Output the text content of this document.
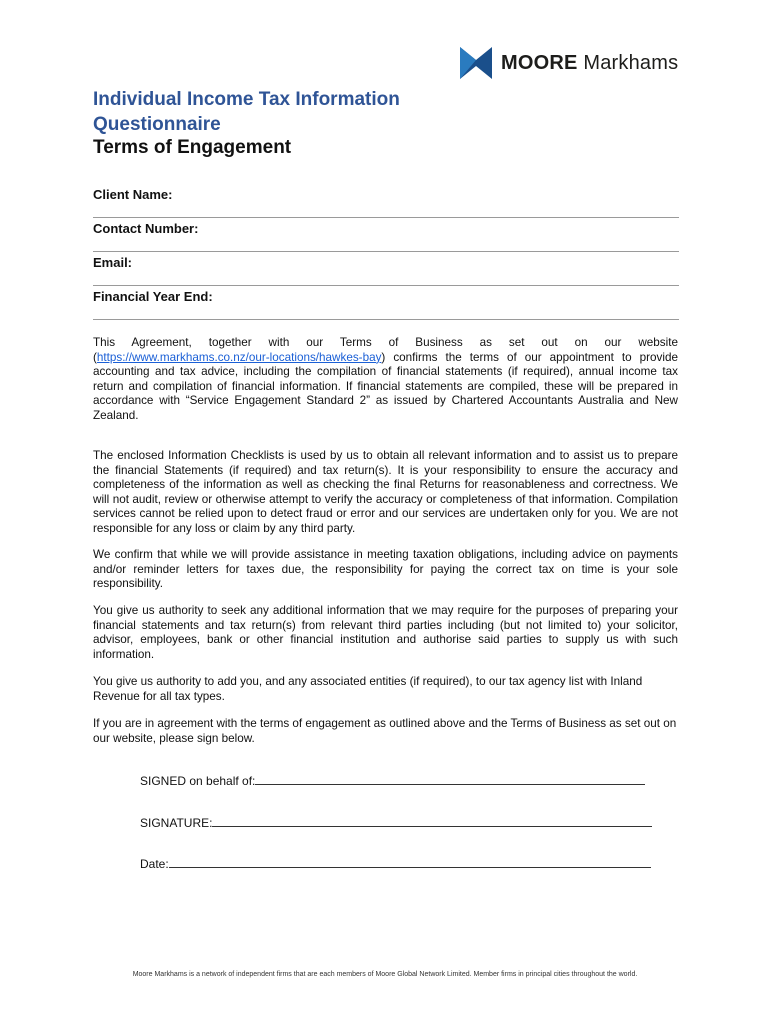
MOORE Markhams
Individual Income Tax Information Questionnaire
Terms of Engagement
Client Name:
Contact Number:
Email:
Financial Year End:

This Agreement, together with our Terms of Business as set out on our website (https://www.markhams.co.nz/our-locations/hawkes-bay) confirms the terms of our appointment to provide accounting and tax advice, including the compilation of financial statements (if required), annual income tax return and compilation of financial information. If financial statements are compiled, these will be prepared in accordance with “Service Engagement Standard 2” as issued by Chartered Accountants Australia and New Zealand.

The enclosed Information Checklists is used by us to obtain all relevant information and to assist us to prepare the financial Statements (if required) and tax return(s). It is your responsibility to ensure the accuracy and completeness of the information as well as checking the final Returns for reasonableness and correctness. We will not audit, review or otherwise attempt to verify the accuracy or completeness of that information. Compilation services cannot be relied upon to detect fraud or error and our services are undertaken only for you. We are not responsible for any loss or claim by any third party.

We confirm that while we will provide assistance in meeting taxation obligations, including advice on payments and/or reminder letters for taxes due, the responsibility for paying the correct tax on time is your sole responsibility.

You give us authority to seek any additional information that we may require for the purposes of preparing your financial statements and tax return(s) from relevant third parties including (but not limited to) your solicitor, advisor, employees, bank or other financial institution and authorise said parties to supply us with such information.

You give us authority to add you, and any associated entities (if required), to our tax agency list with Inland Revenue for all tax types.

If you are in agreement with the terms of engagement as outlined above and the Terms of Business as set out on our website, please sign below.

SIGNED on behalf of:
SIGNATURE:
Date:
Moore Markhams is a network of independent firms that are each members of Moore Global Network Limited. Member firms in principal cities throughout the world.
